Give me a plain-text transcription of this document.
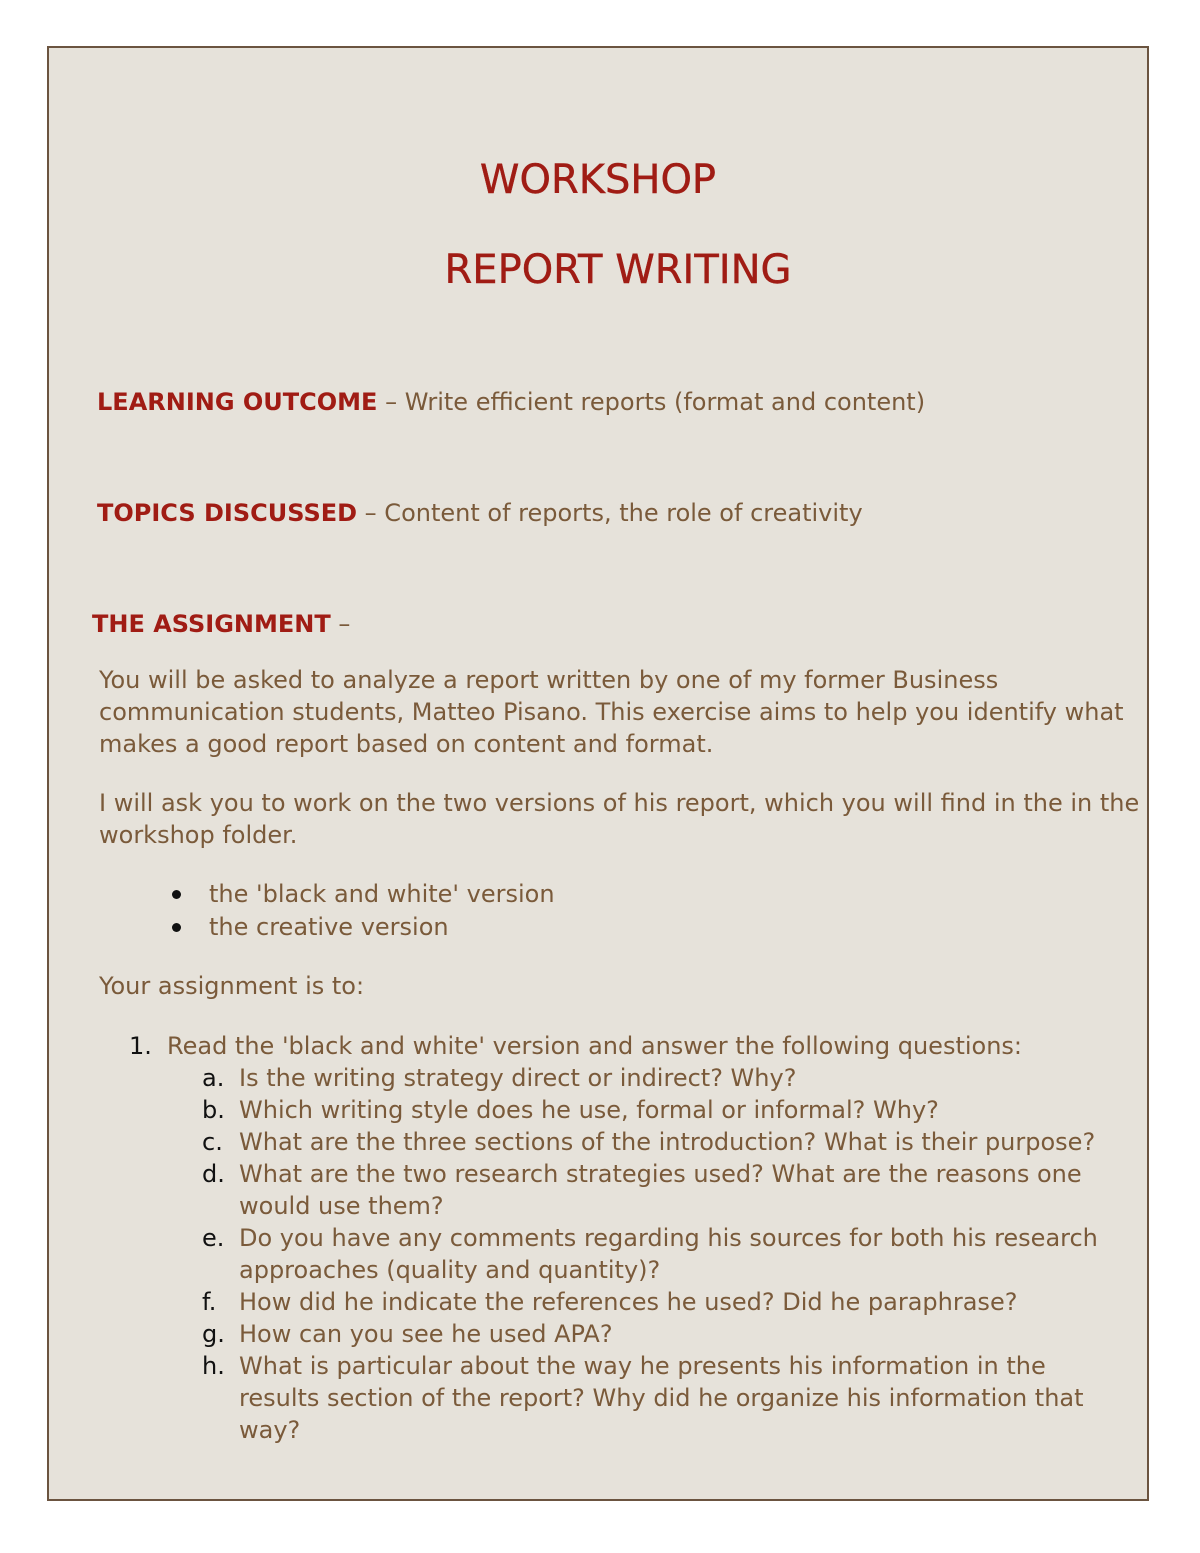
WORKSHOP
REPORT WRITING
LEARNING OUTCOME – Write efficient reports (format and content)
TOPICS DISCUSSED – Content of reports, the role of creativity
THE ASSIGNMENT –

You will be asked to analyze a report written by one of my former Business communication students, Matteo Pisano. This exercise aims to help you identify what makes a good report based on content and format.

I will ask you to work on the two versions of his report, which you will find in the in the workshop folder.

the 'black and white' version
the creative version
Your assignment is to:
1. Read the 'black and white' version and answer the following questions:
a. Is the writing strategy direct or indirect? Why?
b. Which writing style does he use, formal or informal? Why?
c. What are the three sections of the introduction? What is their purpose?
d. What are the two research strategies used? What are the reasons one would use them?
e. Do you have any comments regarding his sources for both his research approaches (quality and quantity)?
f. How did he indicate the references he used? Did he paraphrase?
g. How can you see he used APA?
h. What is particular about the way he presents his information in the results section of the report? Why did he organize his information that way?
